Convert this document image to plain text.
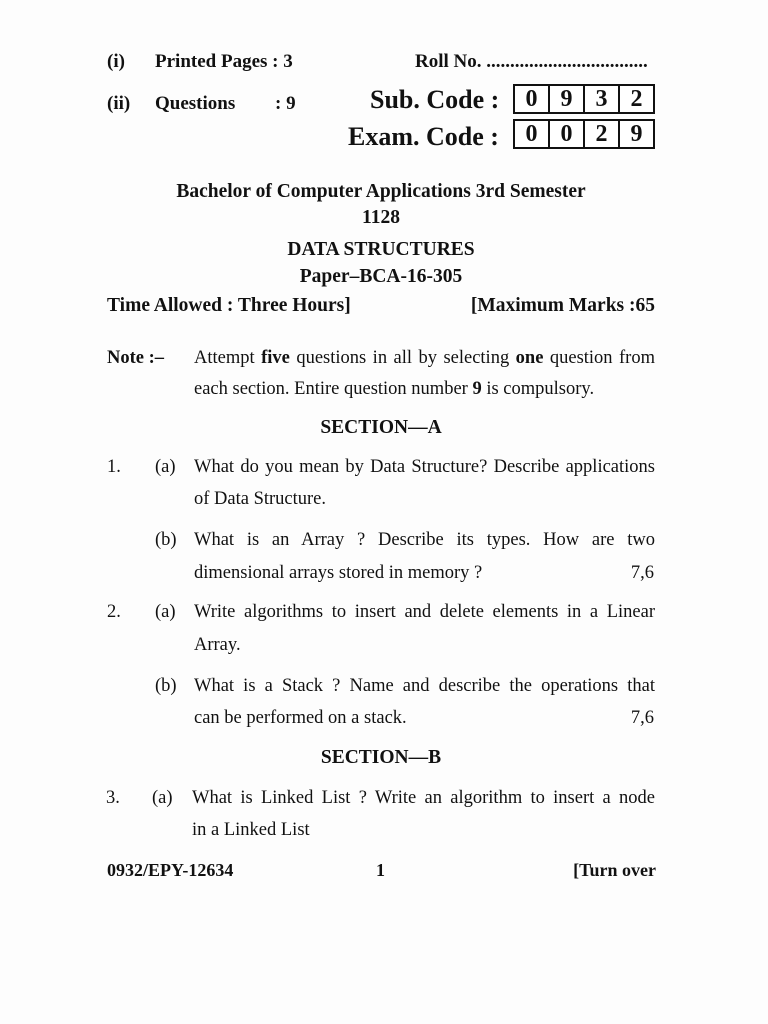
(i) Printed Pages : 3	Roll No. ..................................
(ii) Questions : 9	Sub. Code :	0 9 3 2
Exam. Code :	0 0 2 9
Bachelor of Computer Applications 3rd Semester
1128
DATA STRUCTURES
Paper–BCA-16-305
Time Allowed : Three Hours]	[Maximum Marks :65
Note :– Attempt five questions in all by selecting one question from
each section. Entire question number 9 is compulsory.
SECTION—A
1. (a) What do you mean by Data Structure? Describe applications
of Data Structure.
(b) What is an Array ? Describe its types. How are two
dimensional arrays stored in memory ?	7,6
2. (a) Write algorithms to insert and delete elements in a Linear
Array.
(b) What is a Stack ? Name and describe the operations that
can be performed on a stack.	7,6
SECTION—B
3. (a) What is Linked List ? Write an algorithm to insert a node
in a Linked List
0932/EPY-12634	1	[Turn over
